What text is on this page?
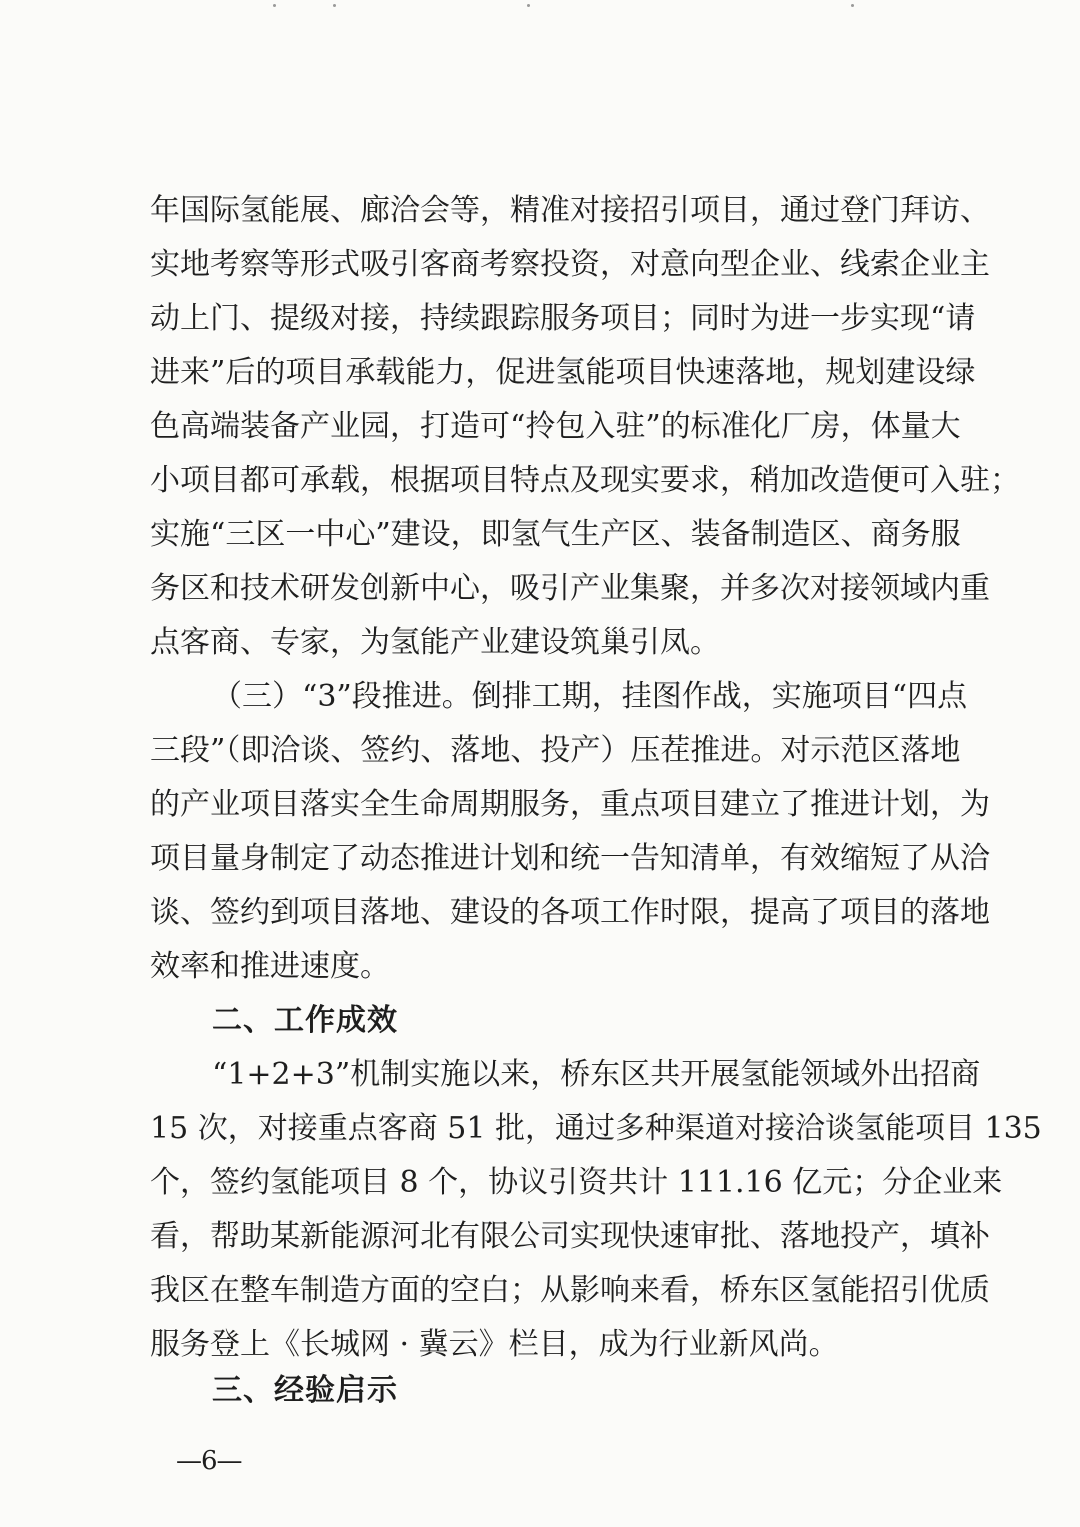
年国际氢能展、廊洽会等，精准对接招引项目，通过登门拜访、
实地考察等形式吸引客商考察投资，对意向型企业、线索企业主
动上门、提级对接，持续跟踪服务项目；同时为进一步实现“请
进来”后的项目承载能力，促进氢能项目快速落地，规划建设绿
色高端装备产业园，打造可“拎包入驻”的标准化厂房，体量大
小项目都可承载，根据项目特点及现实要求，稍加改造便可入驻；
实施“三区一中心”建设，即氢气生产区、装备制造区、商务服
务区和技术研发创新中心，吸引产业集聚，并多次对接领域内重
点客商、专家，为氢能产业建设筑巢引凤。
（三）“3”段推进。倒排工期，挂图作战，实施项目“四点
三段”（即洽谈、签约、落地、投产）压茬推进。对示范区落地
的产业项目落实全生命周期服务，重点项目建立了推进计划，为
项目量身制定了动态推进计划和统一告知清单，有效缩短了从洽
谈、签约到项目落地、建设的各项工作时限，提高了项目的落地
效率和推进速度。
“1+2+3”机制实施以来，桥东区共开展氢能领域外出招商
15 次，对接重点客商 51 批，通过多种渠道对接洽谈氢能项目 135
个，签约氢能项目 8 个，协议引资共计 111.16 亿元；分企业来
看，帮助某新能源河北有限公司实现快速审批、落地投产，填补
我区在整车制造方面的空白；从影响来看，桥东区氢能招引优质
服务登上《长城网 · 冀云》栏目，成为行业新风尚。
二、工作成效
三、经验启示
—6—
